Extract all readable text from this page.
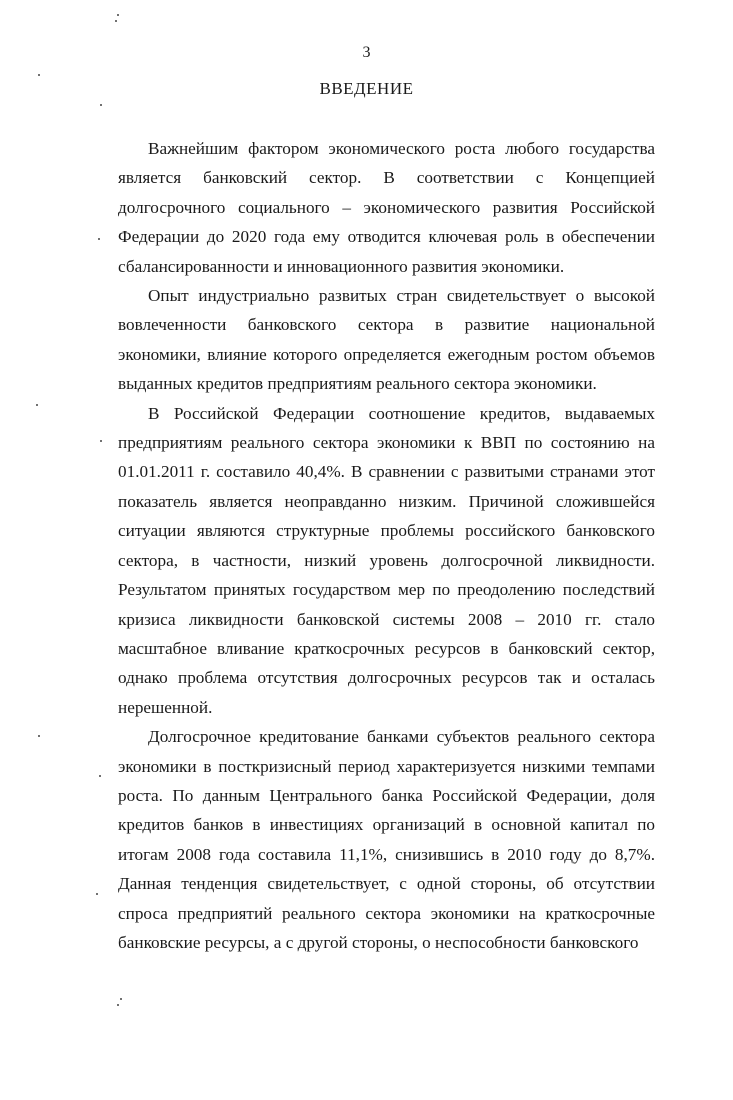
3
ВВЕДЕНИЕ

Важнейшим фактором экономического роста любого государства является банковский сектор. В соответствии с Концепцией долгосрочного социального – экономического развития Российской Федерации до 2020 года ему отводится ключевая роль в обеспечении сбалансированности и инновационного развития экономики.

Опыт индустриально развитых стран свидетельствует о высокой вовлеченности банковского сектора в развитие национальной экономики, влияние которого определяется ежегодным ростом объемов выданных кредитов предприятиям реального сектора экономики.

В Российской Федерации соотношение кредитов, выдаваемых предприятиям реального сектора экономики к ВВП по состоянию на 01.01.2011 г. составило 40,4%. В сравнении с развитыми странами этот показатель является неоправданно низким. Причиной сложившейся ситуации являются структурные проблемы российского банковского сектора, в частности, низкий уровень долгосрочной ликвидности. Результатом принятых государством мер по преодолению последствий кризиса ликвидности банковской системы 2008 – 2010 гг. стало масштабное вливание краткосрочных ресурсов в банковский сектор, однако проблема отсутствия долгосрочных ресурсов так и осталась нерешенной.

Долгосрочное кредитование банками субъектов реального сектора экономики в посткризисный период характеризуется низкими темпами роста. По данным Центрального банка Российской Федерации, доля кредитов банков в инвестициях организаций в основной капитал по итогам 2008 года составила 11,1%, снизившись в 2010 году до 8,7%. Данная тенденция свидетельствует, с одной стороны, об отсутствии спроса предприятий реального сектора экономики на краткосрочные банковские ресурсы, а с другой стороны, о неспособности банковского
